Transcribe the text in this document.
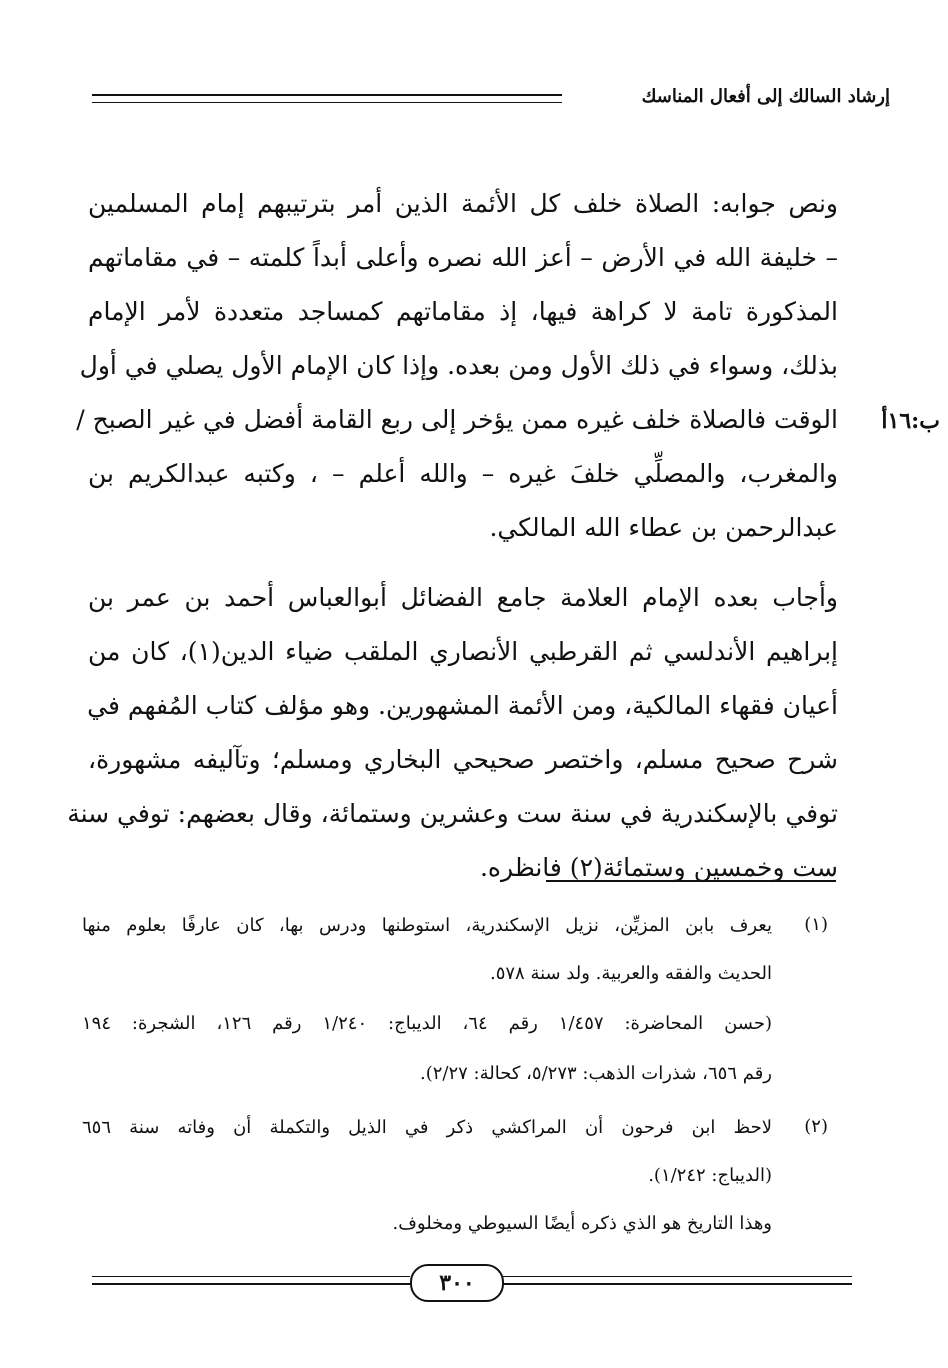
إرشاد السالك إلى أفعال المناسك
ب:١٦أ
ونص جوابه: الصلاة خلف كل الأئمة الذين أمر بترتيبهم إمام المسلمين
– خليفة الله في الأرض – أعز الله نصره وأعلى أبداً كلمته – في مقاماتهم
المذكورة تامة لا كراهة فيها، إذ مقاماتهم كمساجد متعددة لأمر الإمام
بذلك، وسواء في ذلك الأول ومن بعده. وإذا كان الإمام الأول يصلي في أول
الوقت فالصلاة خلف غيره ممن يؤخر إلى ربع القامة أفضل في غير الصبح /
والمغرب، والمصلِّي خلفَ غيره – والله أعلم – ، وكتبه عبدالكريم بن
عبدالرحمن بن عطاء الله المالكي.
وأجاب بعده الإمام العلامة جامع الفضائل أبوالعباس أحمد بن عمر بن
إبراهيم الأندلسي ثم القرطبي الأنصاري الملقب ضياء الدين(١)، كان من
أعيان فقهاء المالكية، ومن الأئمة المشهورين. وهو مؤلف كتاب المُفهم في
شرح صحيح مسلم، واختصر صحيحي البخاري ومسلم؛ وتآليفه مشهورة،
توفي بالإسكندرية في سنة ست وعشرين وستمائة، وقال بعضهم: توفي سنة
ست وخمسين وستمائة(٢) فانظره.
(١)
يعرف بابن المزيِّن، نزيل الإسكندرية، استوطنها ودرس بها، كان عارفًا بعلوم منها
الحديث والفقه والعربية. ولد سنة ٥٧٨.
(حسن المحاضرة: ١/٤٥٧ رقم ٦٤، الديباج: ١/٢٤٠ رقم ١٢٦، الشجرة: ١٩٤
رقم ٦٥٦، شذرات الذهب: ٥/٢٧٣، كحالة: ٢/٢٧).
(٢)
لاحظ ابن فرحون أن المراكشي ذكر في الذيل والتكملة أن وفاته سنة ٦٥٦
(الديباج: ١/٢٤٢).
وهذا التاريخ هو الذي ذكره أيضًا السيوطي ومخلوف.
٣٠٠
